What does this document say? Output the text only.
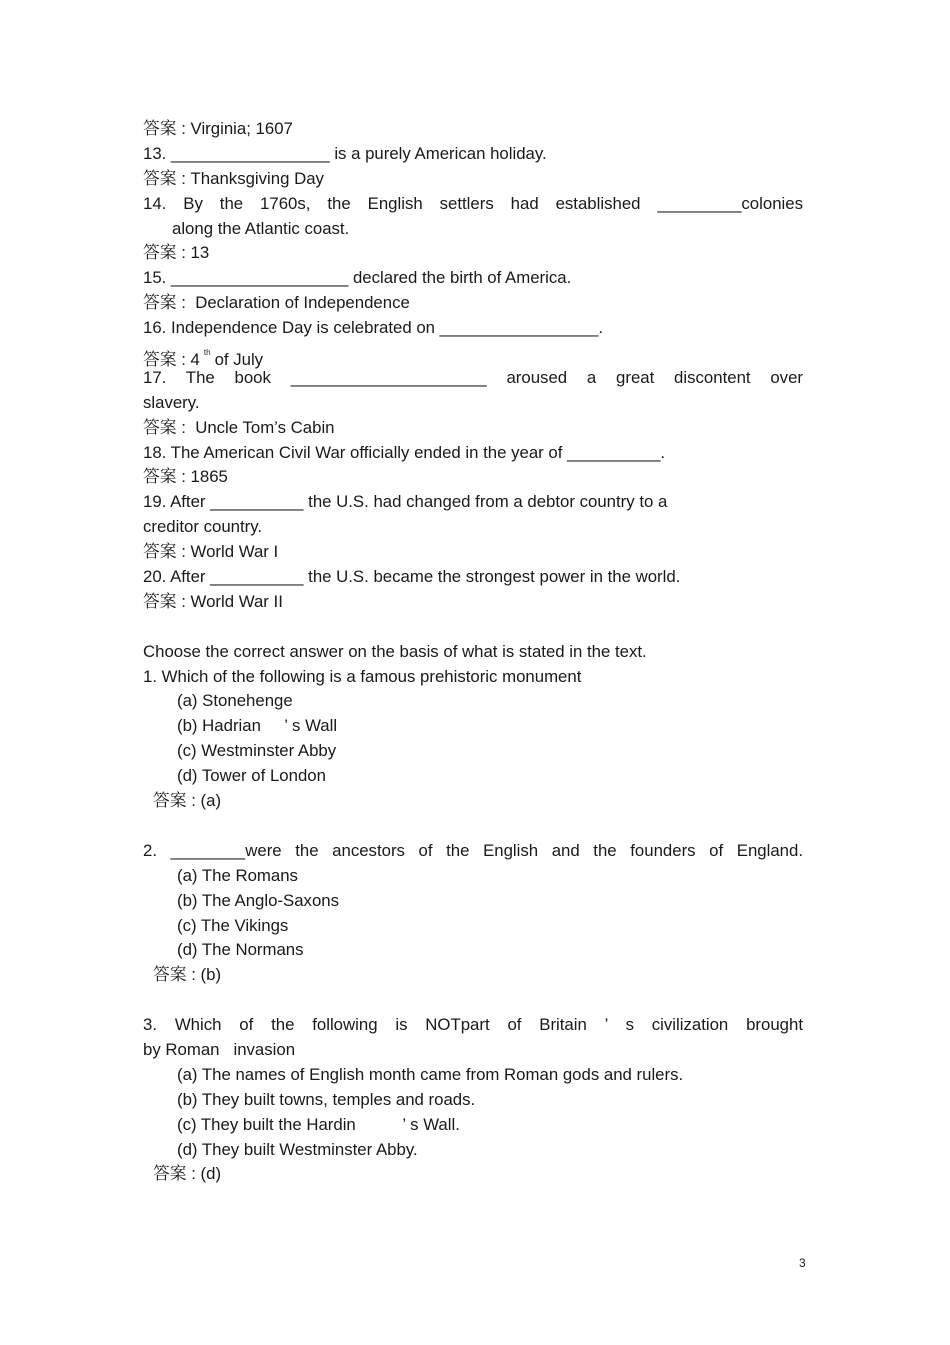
答案 : Virginia; 1607
13. _________________ is a purely American holiday.
答案 : Thanksgiving Day
14. By the 1760s, the English settlers had established _________colonies
along the Atlantic coast.
答案 : 13
15. ___________________ declared the birth of America.
答案 :  Declaration of Independence
16. Independence Day is celebrated on _________________.
答案 : 4 $^{th}$ of July
17. The book _____________________ aroused a great discontent over
slavery.
答案 :  Uncle Tom’s Cabin
18. The American Civil War officially ended in the year of __________.
答案 : 1865
19. After __________ the U.S. had changed from a debtor country to a
creditor country.
答案 : World War I
20. After __________ the U.S. became the strongest power in the world.
答案 : World War II
Choose the correct answer on the basis of what is stated in the text.
1. Which of the following is a famous prehistoric monument
(a) Stonehenge
(b) Hadrian     ’ s Wall
(c) Westminster Abby
(d) Tower of London
答案 : (a)
2. ________were the ancestors of the English and the founders of England.
(a) The Romans
(b) The Anglo-Saxons
(c) The Vikings
(d) The Normans
答案 : (b)
3. Which of the following is NOTpart of Britain ’ s civilization brought
by Roman   invasion
(a) The names of English month came from Roman gods and rulers.
(b) They built towns, temples and roads.
(c) They built the Hardin          ’ s Wall.
(d) They built Westminster Abby.
答案 : (d)
3
